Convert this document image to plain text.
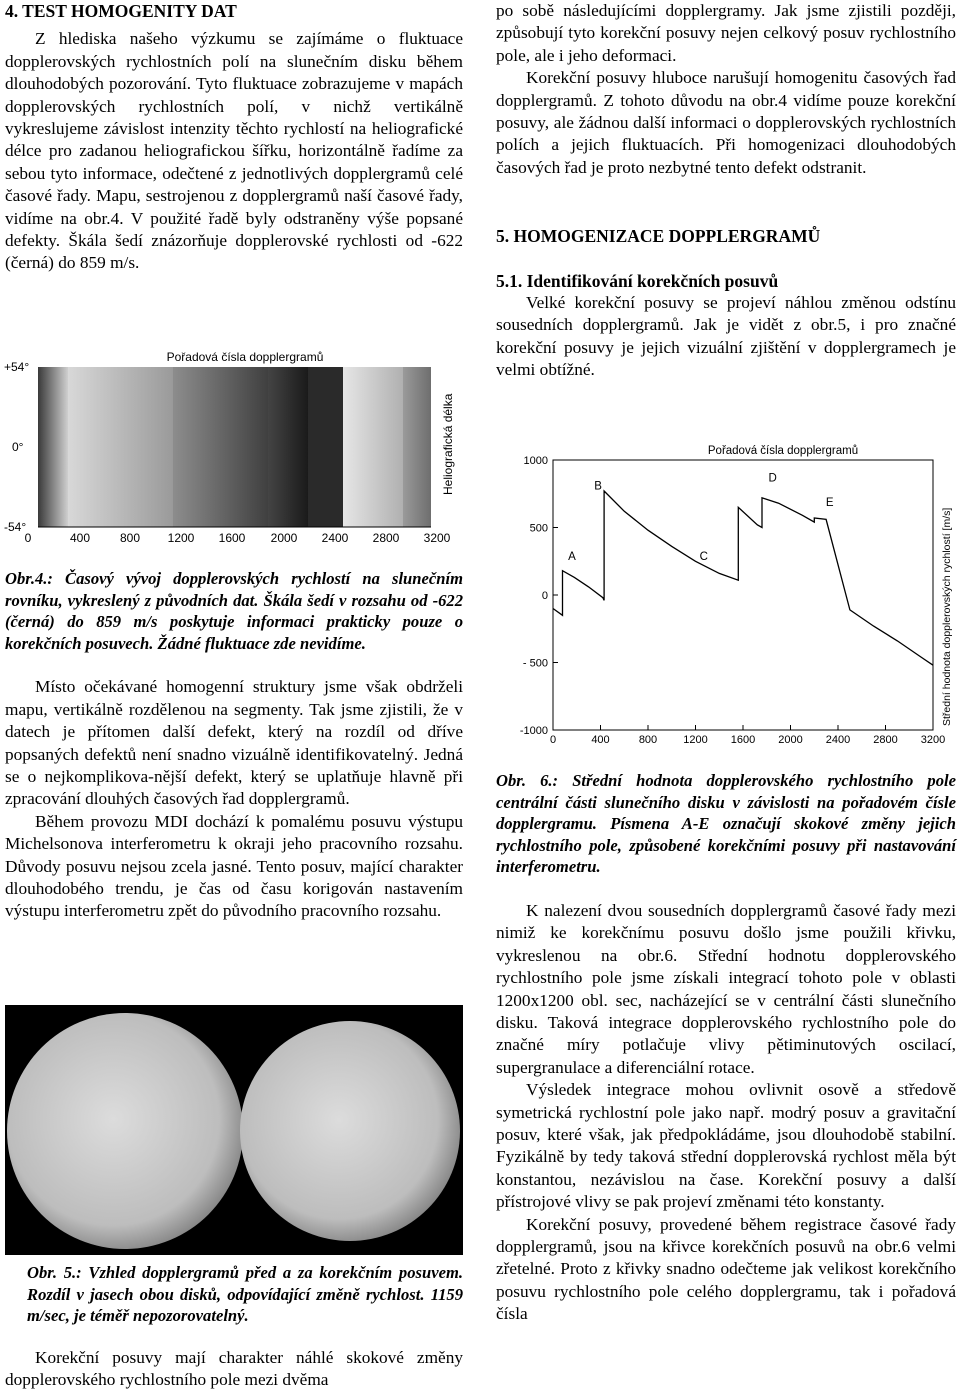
4. TEST HOMOGENITY DAT

Z hlediska našeho výzkumu se zajímáme o fluktuace dopplerovských rychlostních polí na slunečním disku během dlouhodobých pozorování. Tyto fluktuace zobrazujeme v mapách dopplerovských rychlostních polí, v nichž vertikálně vykreslujeme závislost intenzity těchto rychlostí na heliografické délce pro zadanou heliografickou šířku, horizontálně řadíme za sebou tyto informace, odečtené z jednotlivých dopplergramů celé časové řady. Mapu, sestrojenou z dopplergramů naší časové řady, vidíme na obr.4. V použité řadě byly odstraněny výše popsané defekty. Škála šedí znázorňuje dopplerovské rychlosti od -622 (černá) do 859 m/s.

Pořadová čísla dopplergramů
+54°
0°
-54°
0	400 800 1200 1600 2000 2400 2800 3200
Heliografická délka

Obr.4.: Časový vývoj dopplerovských rychlostí na slunečním rovníku, vykreslený z původních dat. Škála šedí v rozsahu od -622 (černá) do 859 m/s poskytuje informaci prakticky pouze o korekčních posuvech. Žádné fluktuace zde nevidíme.

Místo očekávané homogenní struktury jsme však obdrželi mapu, vertikálně rozdělenou na segmenty. Tak jsme zjistili, že v datech je přítomen další defekt, který na rozdíl od dříve popsaných defektů není snadno vizuálně identifikovatelný. Jedná se o nejkomplikova-nější defekt, který se uplatňuje hlavně při zpracování dlouhých časových řad dopplergramů.

Během provozu MDI dochází k pomalému posuvu výstupu Michelsonova interferometru k okraji jeho pracovního rozsahu. Důvody posuvu nejsou zcela jasné. Tento posuv, mající charakter dlouhodobého trendu, je čas od času korigován nastavením výstupu interferometru zpět do původního pracovního rozsahu.

Obr. 5.: Vzhled dopplergramů před a za korekčním posuvem. Rozdíl v jasech obou disků, odpovídající změně rychlost. 1159 m/sec, je téměř nepozorovatelný.

Korekční posuvy mají charakter náhlé skokové změny dopplerovského rychlostního pole mezi dvěma

po sobě následujícími dopplergramy. Jak jsme zjistili později, způsobují tyto korekční posuvy nejen celkový posuv rychlostního pole, ale i jeho deformaci.

Korekční posuvy hluboce narušují homogenitu časových řad dopplergramů. Z tohoto důvodu na obr.4 vidíme pouze korekční posuvy, ale žádnou další informaci o dopplerovských rychlostních polích a jejich fluktuacích. Při homogenizaci dlouhodobých časových řad je proto nezbytné tento defekt odstranit.

5. HOMOGENIZACE DOPPLERGRAMŮ
5.1. Identifikování korekčních posuvů

Velké korekční posuvy se projeví náhlou změnou odstínu sousedních dopplergramů. Jak je vidět z obr.5, i pro značné korekční posuvy je jejich vizuální zjištění v dopplergramech je velmi obtížné.

1000
500
0
- 500
-1000
0	400	800 1200 1600 2000 2400 2800 3200
Pořadová čísla dopplergramů
Střední hodnota dopplerovských rychlostí [m/s]
A
B
C
D
E

Obr. 6.: Střední hodnota dopplerovského rychlostního pole centrální části slunečního disku v závislosti na pořadovém čísle dopplergramu. Písmena A-E označují skokové změny jejich rychlostního pole, způsobené korekčními posuvy při nastavování interferometru.

K nalezení dvou sousedních dopplergramů časové řady mezi nimiž ke korekčnímu posuvu došlo jsme použili křivku, vykreslenou na obr.6. Střední hodnotu dopplerovského rychlostního pole jsme získali integrací tohoto pole v oblasti 1200x1200 obl. sec, nacházející se v centrální části slunečního disku. Taková integrace dopplerovského rychlostního pole do značné míry potlačuje vlivy pětiminutových oscilací, supergranulace a diferenciální rotace.

Výsledek integrace mohou ovlivnit osově a středově symetrická rychlostní pole jako např. modrý posuv a gravitační posuv, které však, jak předpokládáme, jsou dlouhodobě stabilní. Fyzikálně by tedy taková střední dopplerovská rychlost měla být konstantou, nezávislou na čase. Korekční posuvy a další přístrojové vlivy se pak projeví změnami této konstanty.

Korekční posuvy, provedené během registrace časové řady dopplergramů, jsou na křivce korekčních posuvů na obr.6 velmi zřetelné. Proto z křivky snadno odečteme jak velikost korekčního posuvu rychlostního pole celého dopplergramu, tak i pořadová čísla
